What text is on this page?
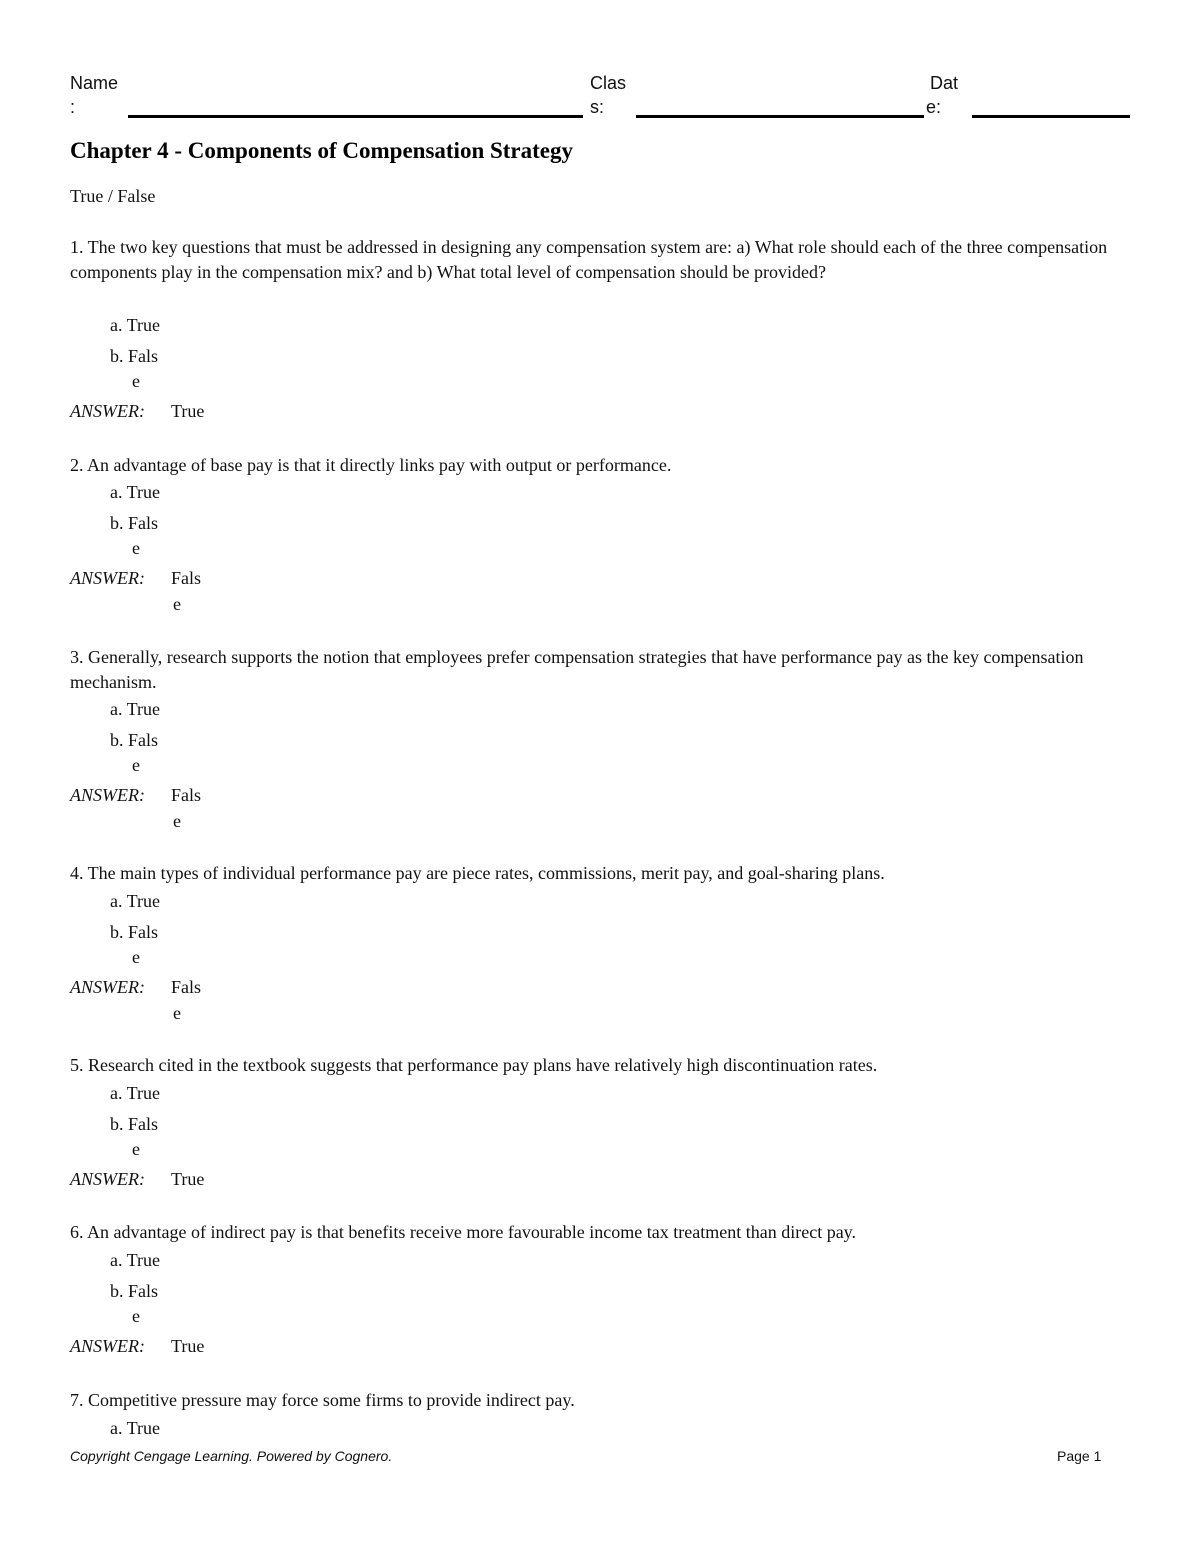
Name
:
Clas
s:
Dat
e:
Chapter 4 - Components of Compensation Strategy
True / False
1. The two key questions that must be addressed in designing any compensation system are: a) What role should each of the three compensation components play in the compensation mix? and b) What total level of compensation should be provided?
a. True
b. Fals
e
ANSWER: True
2. An advantage of base pay is that it directly links pay with output or performance.
a. True
b. Fals
e
ANSWER: Fals
e
3. Generally, research supports the notion that employees prefer compensation strategies that have performance pay as the key compensation mechanism.
a. True
b. Fals
e
ANSWER: Fals
e
4. The main types of individual performance pay are piece rates, commissions, merit pay, and goal-sharing plans.
a. True
b. Fals
e
ANSWER: Fals
e
5. Research cited in the textbook suggests that performance pay plans have relatively high discontinuation rates.
a. True
b. Fals
e
ANSWER: True
6. An advantage of indirect pay is that benefits receive more favourable income tax treatment than direct pay.
a. True
b. Fals
e
ANSWER: True
7. Competitive pressure may force some firms to provide indirect pay.
a. True
Copyright Cengage Learning. Powered by Cognero.	Page 1
